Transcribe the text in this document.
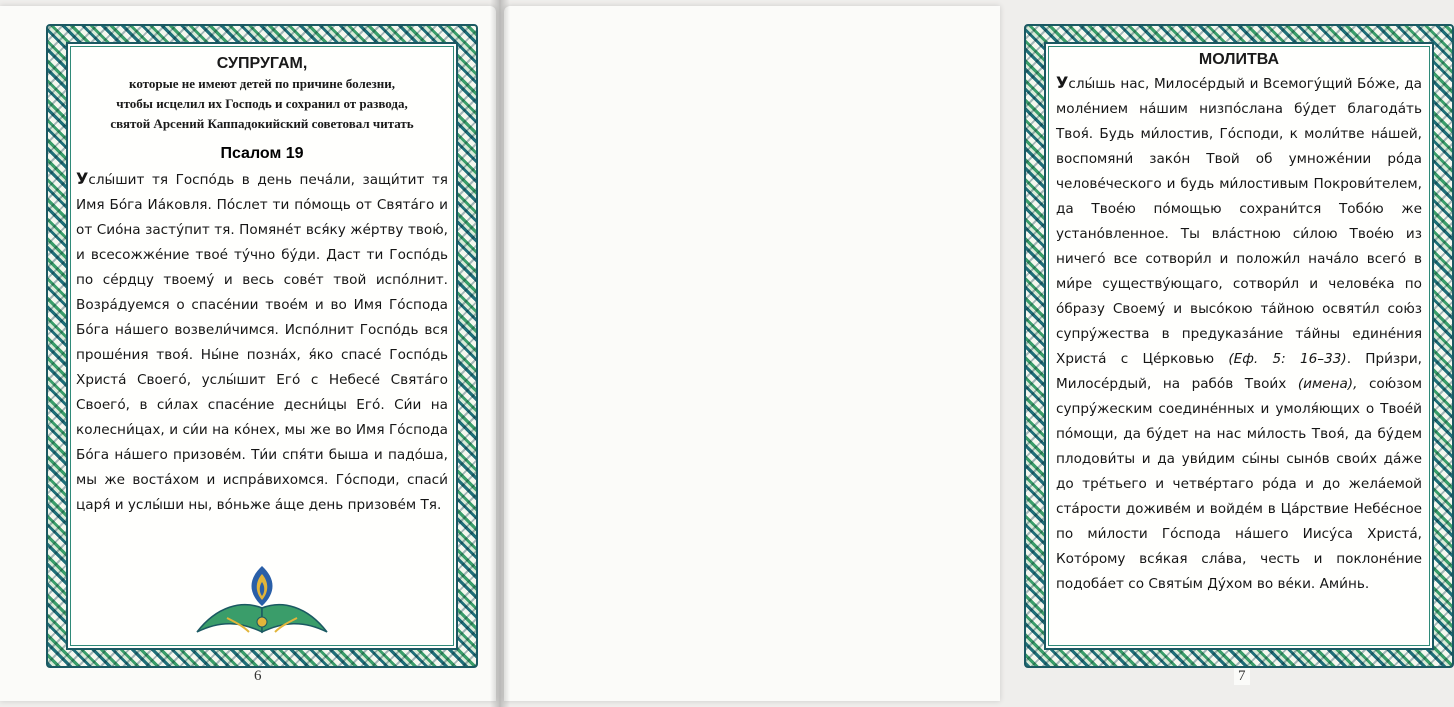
СУПРУГАМ,
которые не имеют детей по причине болезни,
чтобы исцелил их Господь и сохранил от развода,
святой Арсений Каппадокийский советовал читать
Псалом 19

Услы́шит тя Госпо́дь в день печа́ли, защи́тит тя Имя Бо́га Иа́ковля. По́слет ти по́мощь от Свята́го и от Сио́на засту́пит тя. Помяне́т вся́ку же́ртву твою́, и всесожже́ние твое́ ту́чно бу́ди. Даст ти Госпо́дь по се́рдцу твоему́ и весь сове́т твой испо́лнит. Возра́дуемся о спасе́нии твое́м и во Имя Го́спода Бо́га на́шего возвели́чимся. Испо́лнит Госпо́дь вся проше́ния твоя́. Ны́не позна́х, я́ко спасе́ Госпо́дь Христа́ Своего́, услы́шит Его́ с Небесе́ Свята́го Своего́, в си́лах спасе́ние десни́цы Его́. Си́и на колесни́цах, и си́и на ко́нех, мы же во Имя Го́спода Бо́га на́шего призове́м. Ти́и спя́ти быша и падо́ша, мы же воста́хом и испра́вихомся. Го́споди, спаси́ царя́ и услы́ши ны, во́ньже а́ще день призове́м Тя.

6
МОЛИТВА

Услы́шь нас, Милосе́рдый и Всемогу́щий Бо́же, да моле́нием на́шим низпо́слана бу́дет благода́ть Твоя́. Будь ми́лостив, Го́споди, к моли́тве на́шей, воспомяни́ зако́н Твой об умноже́нии ро́да челове́ческого и будь ми́лостивым Покрови́телем, да Твое́ю по́мощью сохрани́тся Тобо́ю же устано́вленное. Ты вла́стною си́лою Твое́ю из ничего́ все сотвори́л и положи́л нача́ло всего́ в ми́ре существу́ющаго, сотвори́л и челове́ка по о́бразу Своему́ и высо́кою та́йною освяти́л сою́з супру́жества в предуказа́ние та́йны едине́ния Христа́ с Це́рковью (Еф. 5: 16–33). При́зри, Милосе́рдый, на рабо́в Твои́х (имена), сою́зом супру́жеским соедине́нных и умоля́ющих о Твое́й по́мощи, да бу́дет на нас ми́лость Твоя́, да бу́дем плодови́ты и да уви́дим сы́ны сыно́в свои́х да́же до тре́тьего и четве́ртаго ро́да и до жела́емой ста́рости доживе́м и войде́м в Ца́рствие Небе́сное по ми́лости Го́спода на́шего Иису́са Христа́, Кото́рому вся́кая сла́ва, честь и поклоне́ние подоба́ет со Святы́м Ду́хом во ве́ки. Ами́нь.

7
